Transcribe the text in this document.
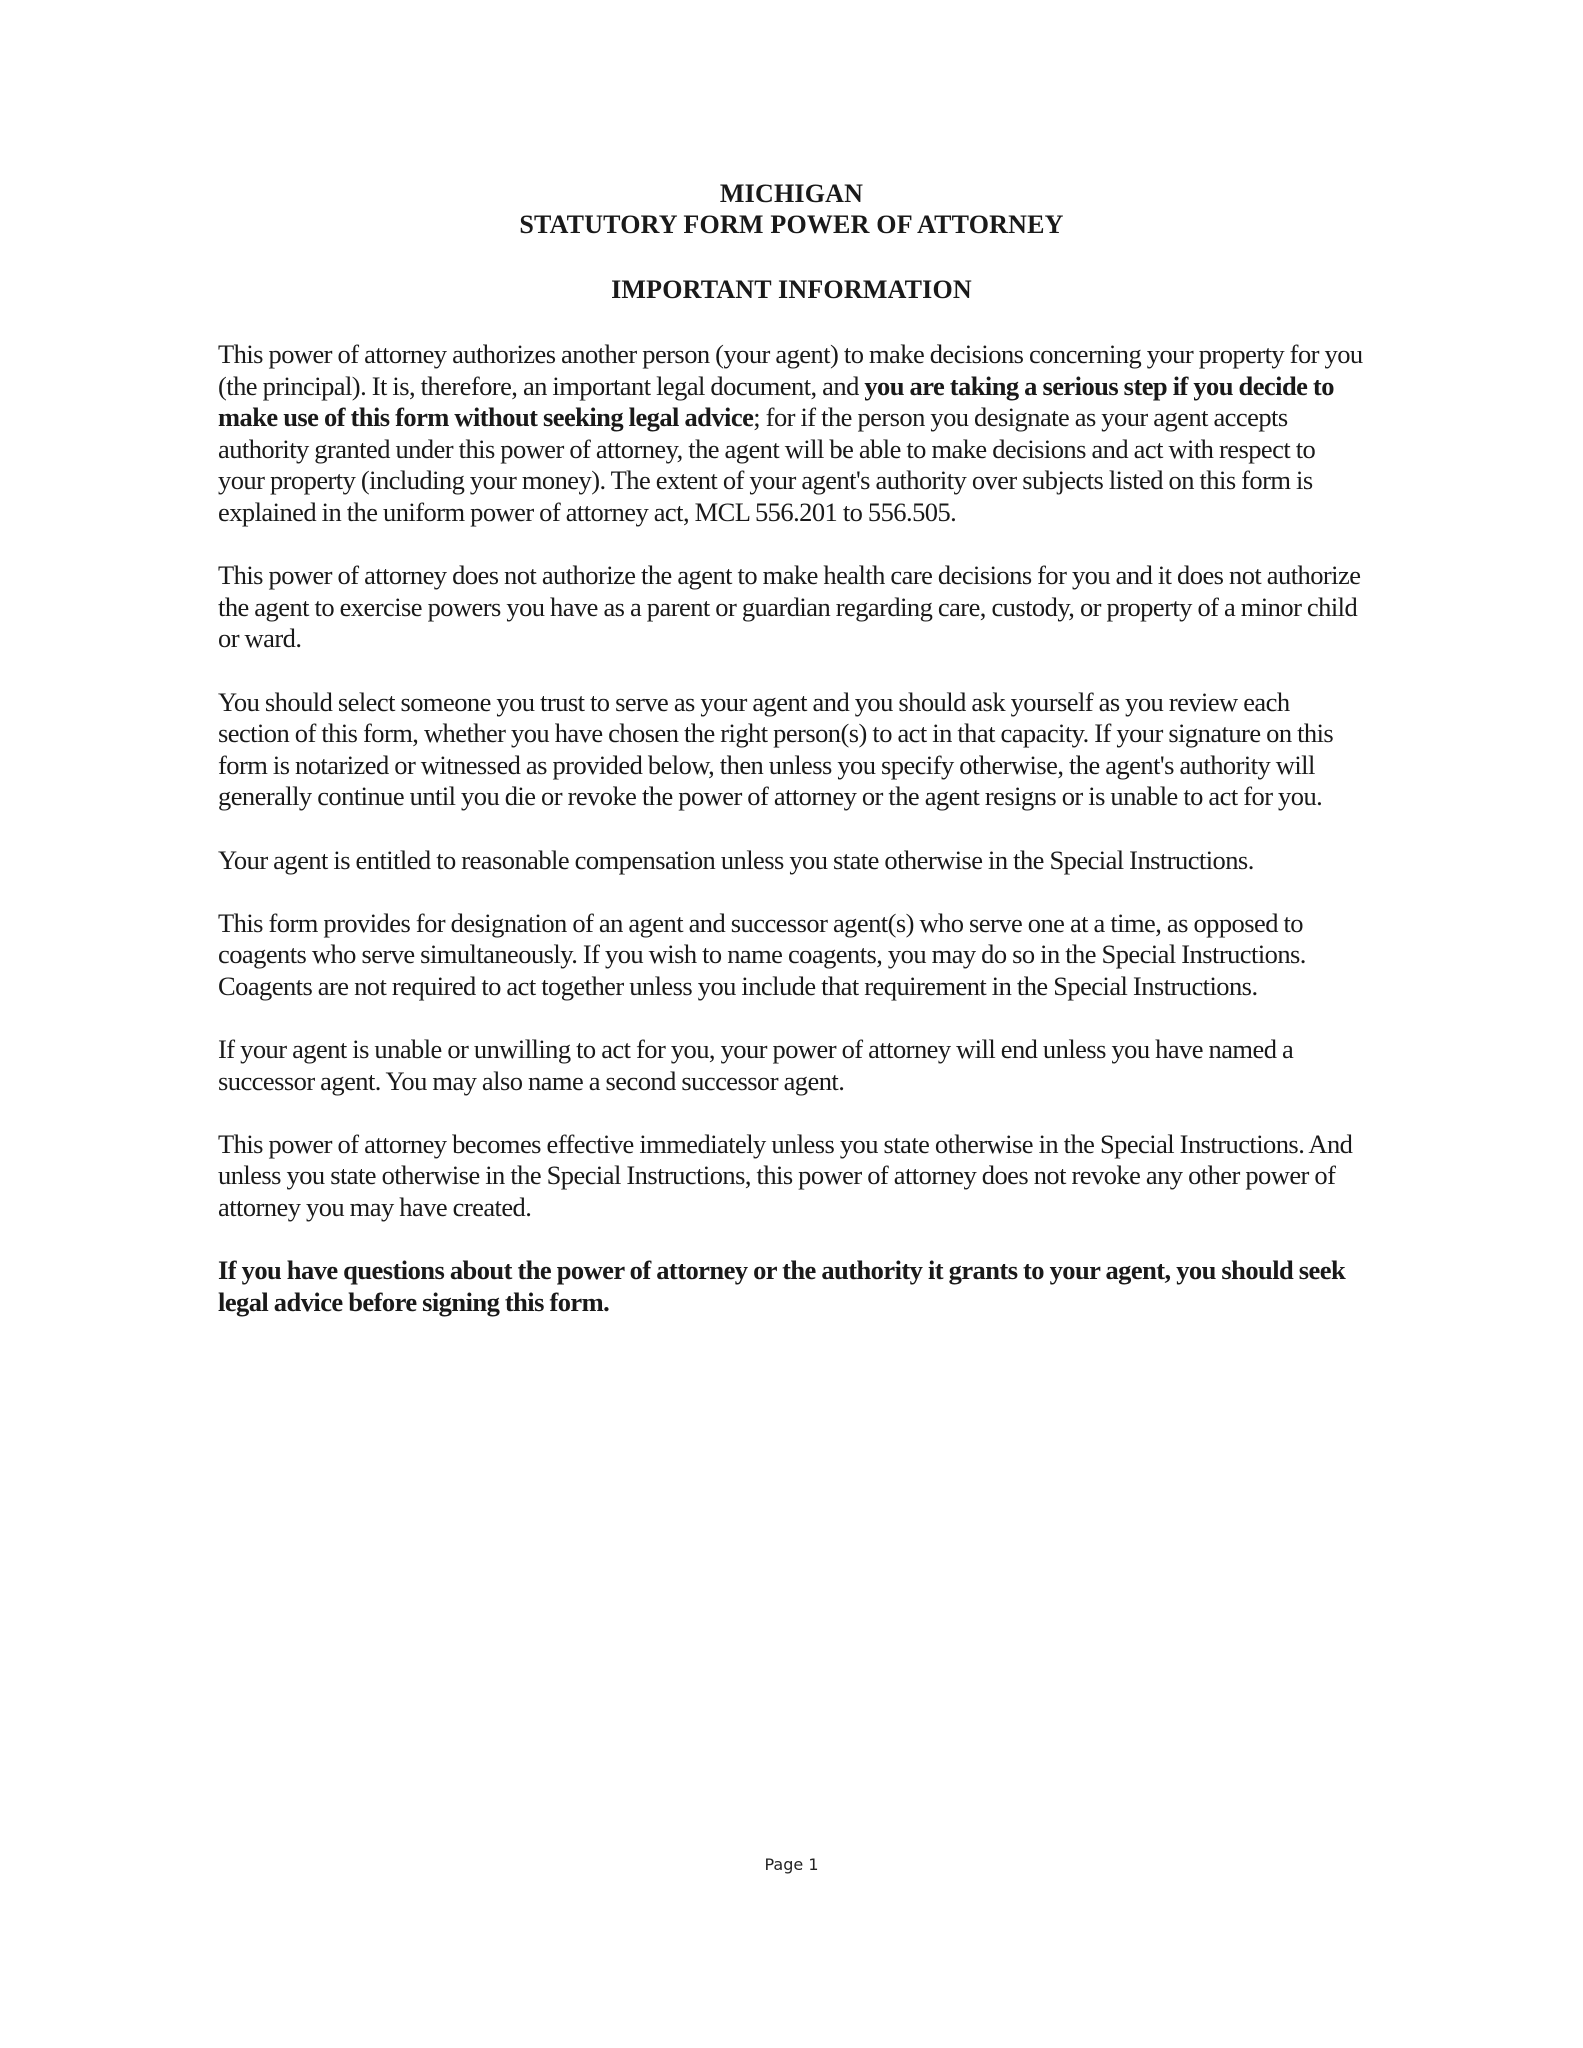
MICHIGAN
STATUTORY FORM POWER OF ATTORNEY
IMPORTANT INFORMATION

This power of attorney authorizes another person (your agent) to make decisions concerning your property for you (the principal). It is, therefore, an important legal document, and you are taking a serious step if you decide to make use of this form without seeking legal advice; for if the person you designate as your agent accepts authority granted under this power of attorney, the agent will be able to make decisions and act with respect to your property (including your money). The extent of your agent's authority over subjects listed on this form is explained in the uniform power of attorney act, MCL 556.201 to 556.505.

This power of attorney does not authorize the agent to make health care decisions for you and it does not authorize the agent to exercise powers you have as a parent or guardian regarding care, custody, or property of a minor child or ward.

You should select someone you trust to serve as your agent and you should ask yourself as you review each section of this form, whether you have chosen the right person(s) to act in that capacity. If your signature on this form is notarized or witnessed as provided below, then unless you specify otherwise, the agent's authority will generally continue until you die or revoke the power of attorney or the agent resigns or is unable to act for you.

Your agent is entitled to reasonable compensation unless you state otherwise in the Special Instructions.

This form provides for designation of an agent and successor agent(s) who serve one at a time, as opposed to coagents who serve simultaneously. If you wish to name coagents, you may do so in the Special Instructions. Coagents are not required to act together unless you include that requirement in the Special Instructions.

If your agent is unable or unwilling to act for you, your power of attorney will end unless you have named a successor agent. You may also name a second successor agent.

This power of attorney becomes effective immediately unless you state otherwise in the Special Instructions. And unless you state otherwise in the Special Instructions, this power of attorney does not revoke any other power of attorney you may have created.

If you have questions about the power of attorney or the authority it grants to your agent, you should seek legal advice before signing this form.

Page 1
